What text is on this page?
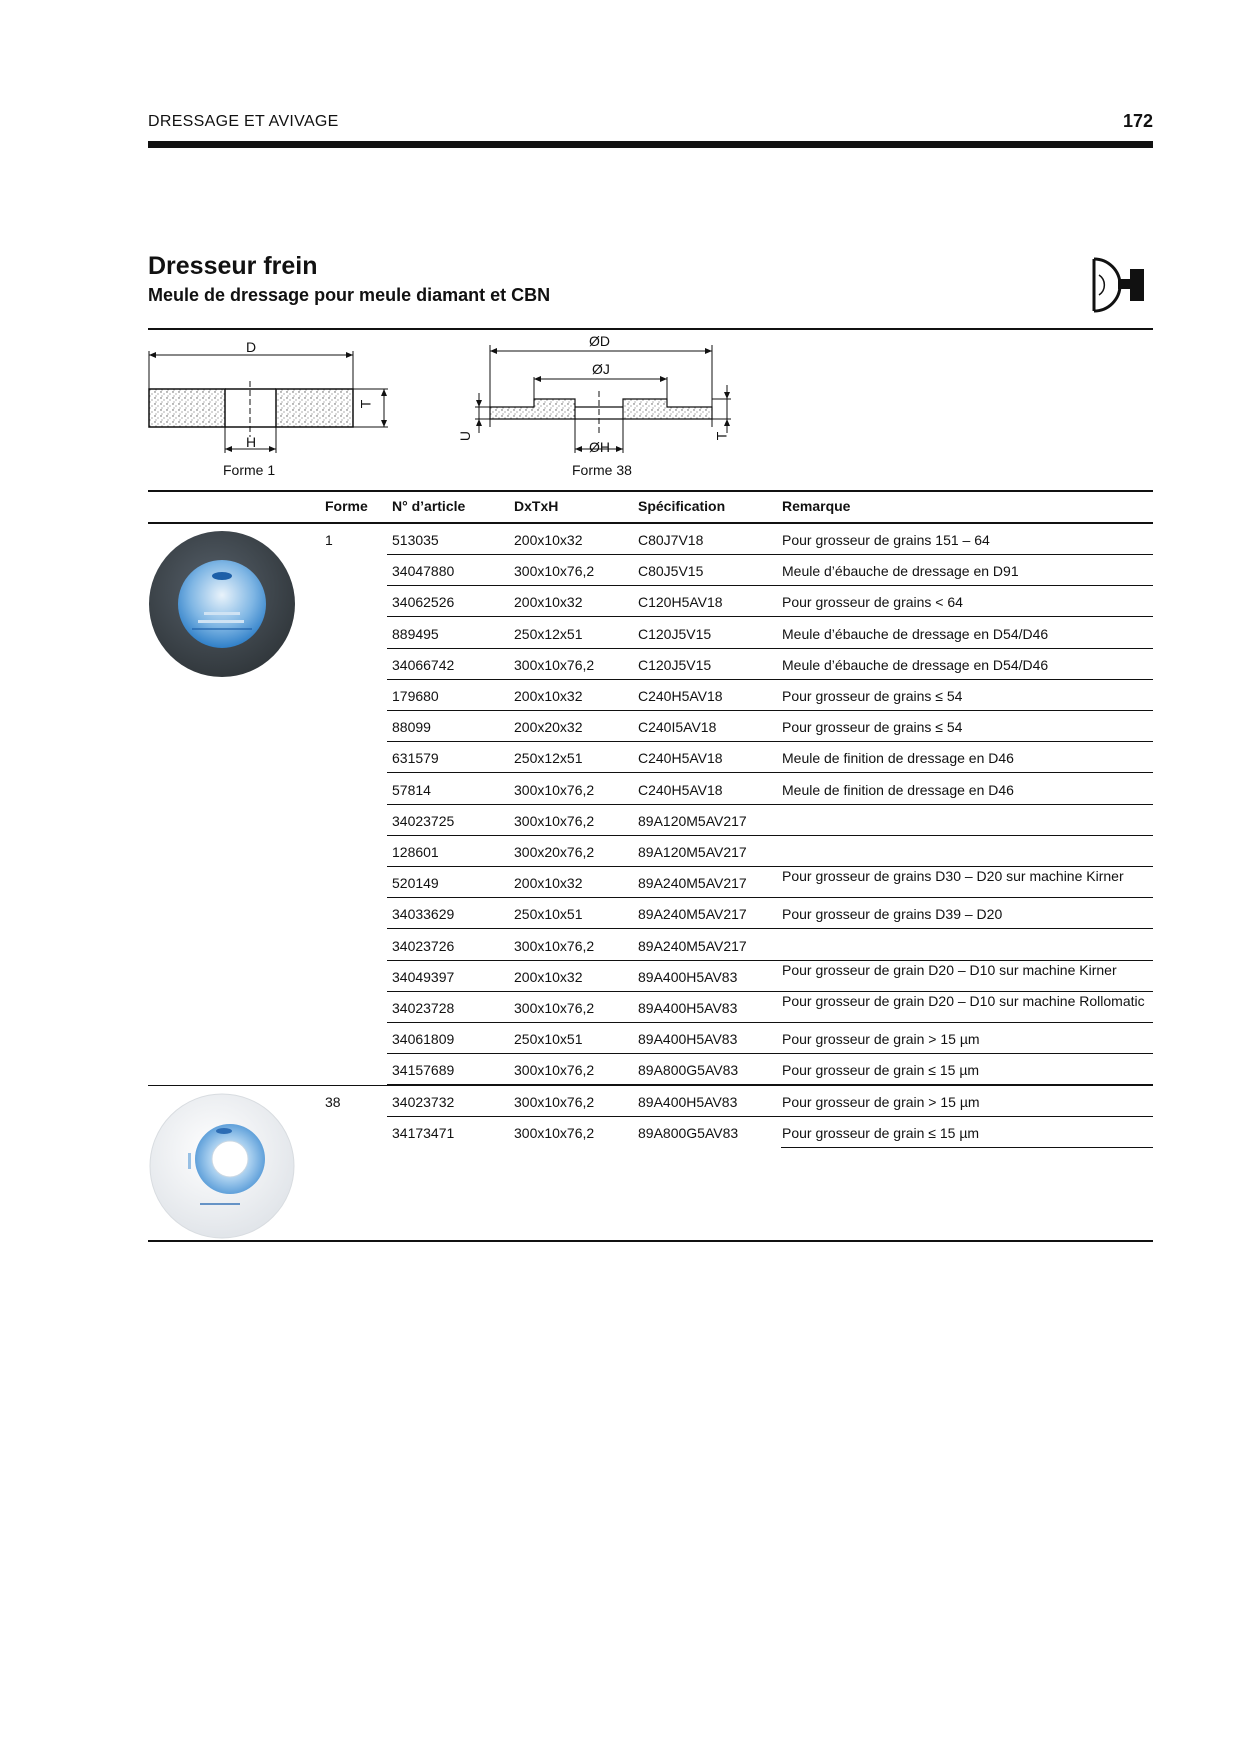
DRESSAGE ET AVIVAGE	172
Dresseur frein
Meule de dressage pour meule diamant et CBN
D
H
T
Forme 1
ØD
ØJ
ØH
U	T
Forme 38
Forme N° d’article	DxTxH	Spécification	Remarque
1	513035	200x10x32	C80J7V18	Pour grosseur de grains 151 – 64
34047880	300x10x76,2	C80J5V15	Meule d’ébauche de dressage en D91
34062526	200x10x32	C120H5AV18	Pour grosseur de grains < 64
889495	250x12x51	C120J5V15	Meule d’ébauche de dressage en D54/D46
34066742	300x10x76,2	C120J5V15	Meule d’ébauche de dressage en D54/D46
179680	200x10x32	C240H5AV18	Pour grosseur de grains ≤ 54
88099	200x20x32	C240I5AV18	Pour grosseur de grains ≤ 54
631579	250x12x51	C240H5AV18	Meule de finition de dressage en D46
57814	300x10x76,2	C240H5AV18	Meule de finition de dressage en D46
34023725	300x10x76,2	89A120M5AV217
128601	300x20x76,2	89A120M5AV217
520149	200x10x32	89A240M5AV217	Pour grosseur de grains D30 – D20 sur machine Kirner
34033629	250x10x51	89A240M5AV217	Pour grosseur de grains D39 – D20
34023726	300x10x76,2	89A240M5AV217
34049397	200x10x32	89A400H5AV83	Pour grosseur de grain D20 – D10 sur machine Kirner
34023728	300x10x76,2	89A400H5AV83	Pour grosseur de grain D20 – D10 sur machine Rollomatic
34061809	250x10x51	89A400H5AV83	Pour grosseur de grain > 15 µm
34157689	300x10x76,2	89A800G5AV83	Pour grosseur de grain ≤ 15 µm
38	34023732	300x10x76,2	89A400H5AV83	Pour grosseur de grain > 15 µm
34173471	300x10x76,2	89A800G5AV83	Pour grosseur de grain ≤ 15 µm
